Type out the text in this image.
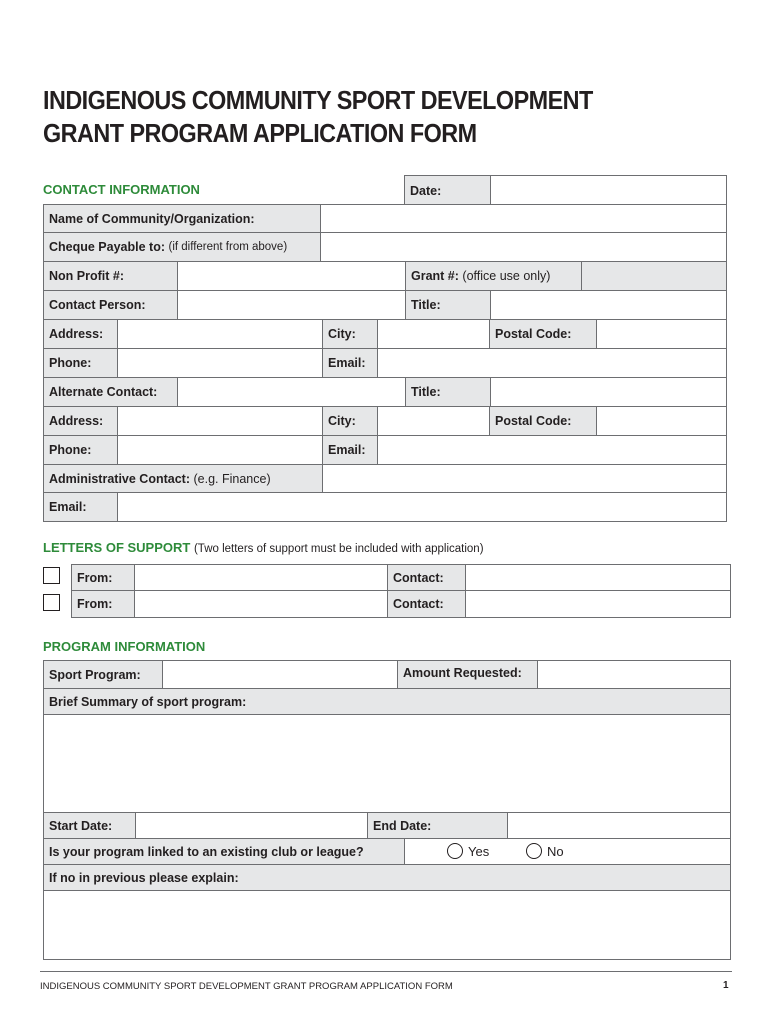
INDIGENOUS COMMUNITY SPORT DEVELOPMENT
GRANT PROGRAM APPLICATION FORM
CONTACT INFORMATION	Date:
Name of Community/Organization:
Cheque Payable to:
(if different from above)
Non Profit #:	Grant #:
(office use only)
Contact Person:	Title:
Address:	City:	Postal Code:
Phone:	Email:
Alternate Contact:	Title:
Address:	City:	Postal Code:
Phone:	Email:
Administrative Contact:
(e.g. Finance)
Email:
LETTERS OF SUPPORT (Two letters of support must be included with application)
From:	Contact:
From:	Contact:
PROGRAM INFORMATION
Sport Program:	Amount Requested:
Brief Summary of sport program:
Start Date:	End Date:
Is your program linked to an existing club or league?	Yes	No
If no in previous please explain:
INDIGENOUS COMMUNITY SPORT DEVELOPMENT GRANT PROGRAM APPLICATION FORM	1
